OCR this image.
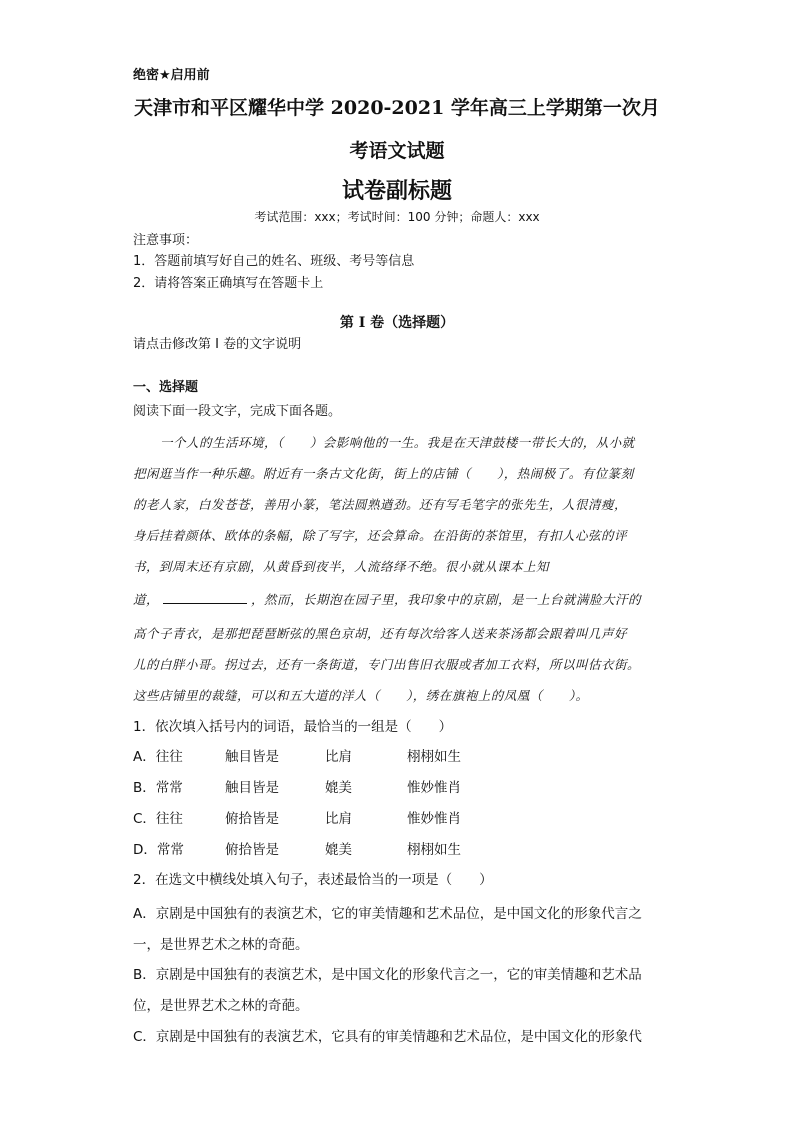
绝密★启用前
天津市和平区耀华中学 2020-2021 学年高三上学期第一次月
考语文试题
试卷副标题
考试范围：xxx；考试时间：100 分钟；命题人：xxx
注意事项：
1．答题前填写好自己的姓名、班级、考号等信息
2．请将答案正确填写在答题卡上
第 I 卷（选择题）
请点击修改第 I 卷的文字说明
一、选择题
阅读下面一段文字，完成下面各题。
一个人的生活环境，（　　）会影响他的一生。我是在天津鼓楼一带长大的，从小就
把闲逛当作一种乐趣。附近有一条古文化街，街上的店铺（　　），热闹极了。有位篆刻
的老人家，白发苍苍，善用小篆，笔法圆熟遒劲。还有写毛笔字的张先生，人很清瘦，
身后挂着颜体、欧体的条幅，除了写字，还会算命。在沿街的茶馆里，有扣人心弦的评
书，到周末还有京剧，从黄昏到夜半，人流络绎不绝。很小就从课本上知
道，	，然而，长期泡在园子里，我印象中的京剧，是一上台就满脸大汗的
高个子青衣，是那把琵琶断弦的黑色京胡，还有每次给客人送来茶汤都会跟着叫几声好
儿的白胖小哥。拐过去，还有一条街道，专门出售旧衣服或者加工衣料，所以叫估衣街。
这些店铺里的裁缝，可以和五大道的洋人（　　），绣在旗袍上的凤凰（　　）。
1．依次填入括号内的词语，最恰当的一组是（　　）
A．往往	触目皆是	比肩	栩栩如生
B．常常	触目皆是	媲美	惟妙惟肖
C．往往	俯拾皆是	比肩	惟妙惟肖
D．常常	俯拾皆是	媲美	栩栩如生
2．在选文中横线处填入句子，表述最恰当的一项是（　　）
A．京剧是中国独有的表演艺术，它的审美情趣和艺术品位，是中国文化的形象代言之
一，是世界艺术之林的奇葩。
B．京剧是中国独有的表演艺术，是中国文化的形象代言之一，它的审美情趣和艺术品
位，是世界艺术之林的奇葩。
C．京剧是中国独有的表演艺术，它具有的审美情趣和艺术品位，是中国文化的形象代
